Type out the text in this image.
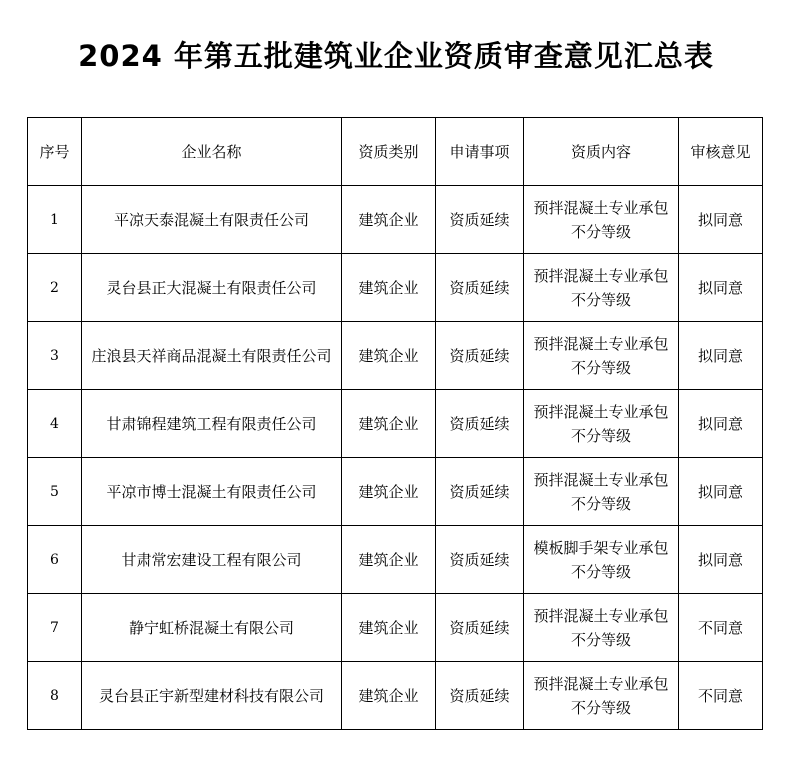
2024 年第五批建筑业企业资质审查意见汇总表
序号	企业名称	资质类别	申请事项	资质内容	审核意见
1	平凉天泰混凝土有限责任公司	建筑企业	资质延续	预拌混凝土专业承包不分等级	拟同意
2	灵台县正大混凝土有限责任公司	建筑企业	资质延续	预拌混凝土专业承包不分等级	拟同意
3	庄浪县天祥商品混凝土有限责任公司	建筑企业	资质延续	预拌混凝土专业承包不分等级	拟同意
4	甘肃锦程建筑工程有限责任公司	建筑企业	资质延续	预拌混凝土专业承包不分等级	拟同意
5	平凉市博士混凝土有限责任公司	建筑企业	资质延续	预拌混凝土专业承包不分等级	拟同意
6	甘肃常宏建设工程有限公司	建筑企业	资质延续	模板脚手架专业承包不分等级	拟同意
7	静宁虹桥混凝土有限公司	建筑企业	资质延续	预拌混凝土专业承包不分等级	不同意
8	灵台县正宇新型建材科技有限公司	建筑企业	资质延续	预拌混凝土专业承包不分等级	不同意
